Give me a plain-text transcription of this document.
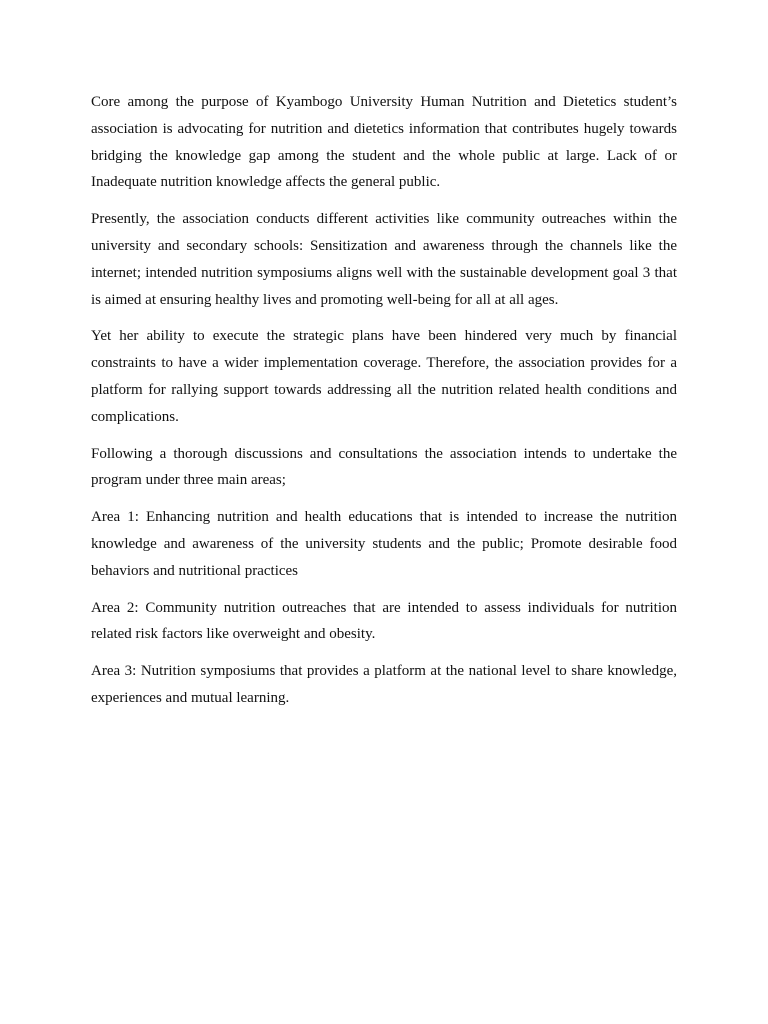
Core among the purpose of Kyambogo University Human Nutrition and Dietetics student’s association is advocating for nutrition and dietetics information that contributes hugely towards bridging the knowledge gap among the student and the whole public at large. Lack of or Inadequate nutrition knowledge affects the general public.

Presently, the association conducts different activities like community outreaches within the university and secondary schools: Sensitization and awareness through the channels like the internet; intended nutrition symposiums aligns well with the sustainable development goal 3 that is aimed at ensuring healthy lives and promoting well-being for all at all ages.

Yet her ability to execute the strategic plans have been hindered very much by financial constraints to have a wider implementation coverage. Therefore, the association provides for a platform for rallying support towards addressing all the nutrition related health conditions and complications.

Following a thorough discussions and consultations the association intends to undertake the program under three main areas;

Area 1: Enhancing nutrition and health educations that is intended to increase the nutrition knowledge and awareness of the university students and the public; Promote desirable food behaviors and nutritional practices

Area 2: Community nutrition outreaches that are intended to assess individuals for nutrition related risk factors like overweight and obesity.

Area 3: Nutrition symposiums that provides a platform at the national level to share knowledge, experiences and mutual learning.
